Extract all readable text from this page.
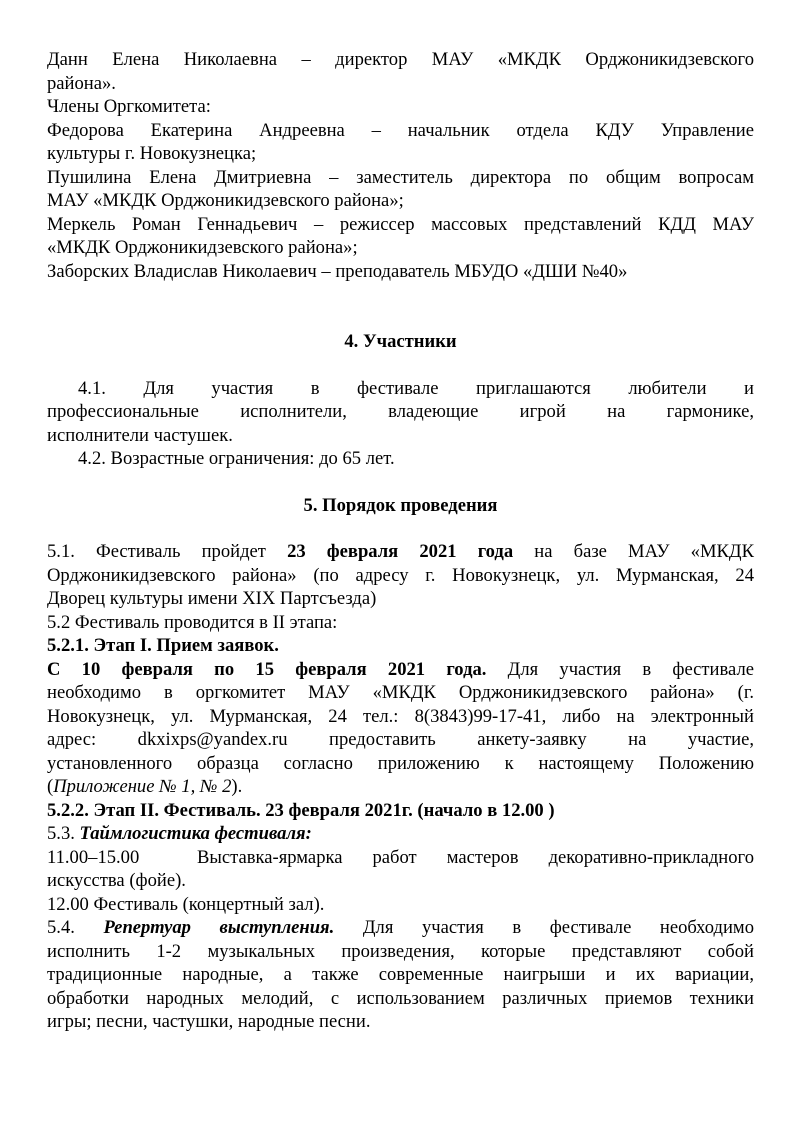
Данн Елена Николаевна – директор МАУ «МКДК Орджоникидзевского
района».
Члены Оргкомитета:
Федорова Екатерина Андреевна – начальник отдела КДУ Управление
культуры г. Новокузнецка;
Пушилина Елена Дмитриевна – заместитель директора по общим вопросам
МАУ «МКДК Орджоникидзевского района»;
Меркель Роман Геннадьевич – режиссер массовых представлений КДД МАУ
«МКДК Орджоникидзевского района»;
Заборских Владислав Николаевич – преподаватель МБУДО «ДШИ №40»

4. Участники

4.1. Для участия в фестивале приглашаются любители и
профессиональные исполнители, владеющие игрой на гармонике,
исполнители частушек.
4.2. Возрастные ограничения: до 65 лет.

5. Порядок проведения

5.1. Фестиваль пройдет 23 февраля 2021 года на базе МАУ «МКДК
Орджоникидзевского района» (по адресу г. Новокузнецк, ул. Мурманская, 24
Дворец культуры имени XIX Партсъезда)
5.2 Фестиваль проводится в II этапа:
5.2.1. Этап I. Прием заявок.
С 10 февраля по 15 февраля 2021 года. Для участия в фестивале
необходимо в оргкомитет МАУ «МКДК Орджоникидзевского района» (г.
Новокузнецк, ул. Мурманская, 24 тел.: 8(3843)99-17-41, либо на электронный
адрес: dkxixps@yandex.ru предоставить анкету-заявку на участие,
установленного образца согласно приложению к настоящему Положению
(Приложение № 1, № 2).
5.2.2. Этап II. Фестиваль. 23 февраля 2021г. (начало в 12.00 )
5.3. Таймлогистика фестиваля:
11.00–15.00	Выставка-ярмарка работ мастеров декоративно-прикладного
искусства (фойе).
12.00 Фестиваль (концертный зал).
5.4. Репертуар выступления. Для участия в фестивале необходимо
исполнить 1-2 музыкальных произведения, которые представляют собой
традиционные народные, а также современные наигрыши и их вариации,
обработки народных мелодий, с использованием различных приемов техники
игры; песни, частушки, народные песни.
